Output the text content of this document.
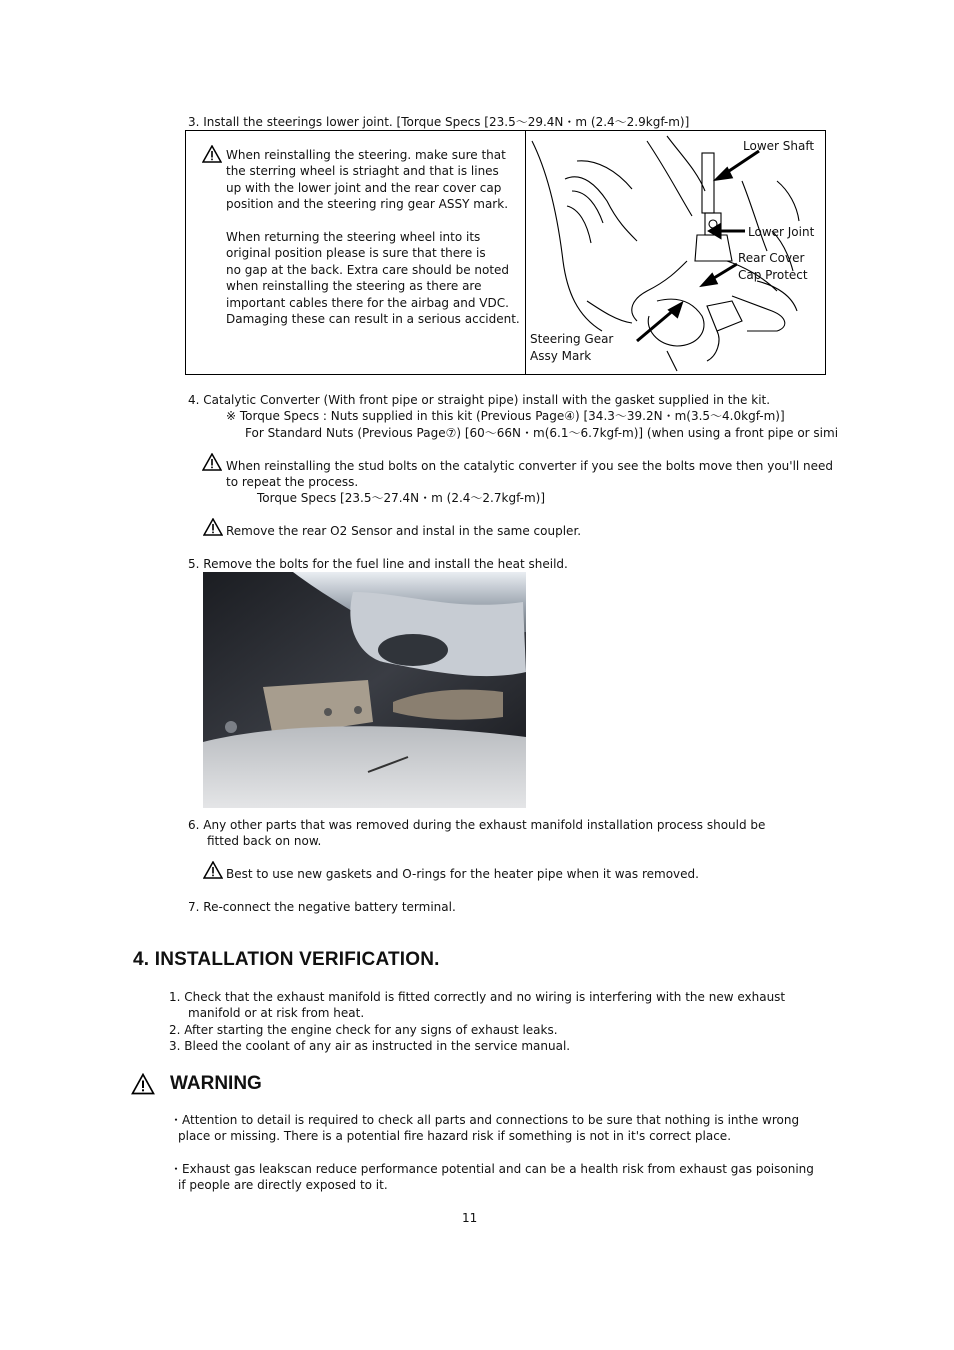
3. Install the steerings lower joint. [Torque Specs [23.5～29.4N・m (2.4～2.9kgf-m)]
When reinstalling the steering. make sure that
the sterring wheel is striaght and that is lines
up with the lower joint and the rear cover cap
position and the steering ring gear ASSY mark.
When returning the steering wheel into its
original position please is sure that there is
no gap at the back. Extra care should be noted
when reinstalling the steering as there are
important cables there for the airbag and VDC.
Damaging these can result in a serious accident.
Lower Shaft
Lower Joint
Rear Cover
Cap Protect
Steering Gear
Assy Mark
4. Catalytic Converter (With front pipe or straight pipe) install with the gasket supplied in the kit.
※ Torque Specs : Nuts supplied in this kit (Previous Page④) [34.3～39.2N・m(3.5～4.0kgf-m)]
For Standard Nuts (Previous Page⑦) [60～66N・m(6.1～6.7kgf-m)] (when using a front pipe or simi
When reinstalling the stud bolts on the catalytic converter if you see the bolts move then you'll need
to repeat the process.
Torque Specs [23.5～27.4N・m (2.4～2.7kgf-m)]
Remove the rear O2 Sensor and instal in the same coupler.
5. Remove the bolts for the fuel line and install the heat sheild.
6. Any other parts that was removed during the exhaust manifold installation process should be
fitted back on now.
Best to use new gaskets and O-rings for the heater pipe when it was removed.
7. Re-connect the negative battery terminal.
4. INSTALLATION VERIFICATION.
1. Check that the exhaust manifold is fitted correctly and no wiring is interfering with the new exhaust
manifold or at risk from heat.
2. After starting the engine check for any signs of exhaust leaks.
3. Bleed the coolant of any air as instructed in the service manual.
WARNING
・Attention to detail is required to check all parts and connections to be sure that nothing is inthe wrong
place or missing. There is a potential fire hazard risk if something is not in it's correct place.
・Exhaust gas leakscan reduce performance potential and can be a health risk from exhaust gas poisoning
if people are directly exposed to it.
11
